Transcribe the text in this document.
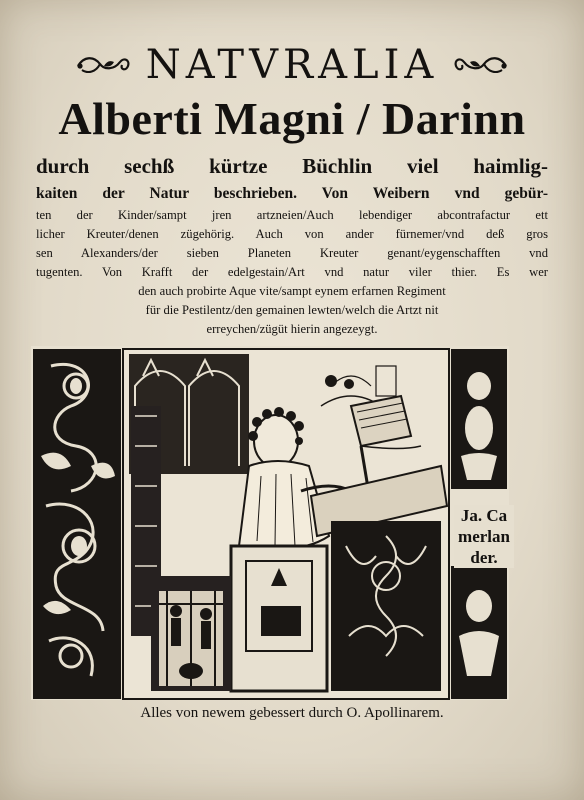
NATVRALIA
Alberti Magni / Darinn
durch sechß kürtze Büchlin viel haimlig-
kaiten der Natur beschrieben. Von Weibern vnd gebür-
ten der Kinder/sampt jren artzneien/Auch lebendiger abcontrafactur ett
licher Kreuter/denen zügehörig. Auch von ander fürnemer/vnd deß gros
sen Alexanders/der sieben Planeten Kreuter genant/eygenschafften vnd
tugenten. Von Krafft der edelgestain/Art vnd natur viler thier. Es wer
den auch probirte Aque vite/sampt eynem erfarnen Regiment
für die Pestilentz/den gemainen lewten/welch die Artzt nit
erreychen/zügüt hierin angezeygt.
Ja. Ca
merlan
der.
Alles von newem gebessert durch O. Apollinarem.
